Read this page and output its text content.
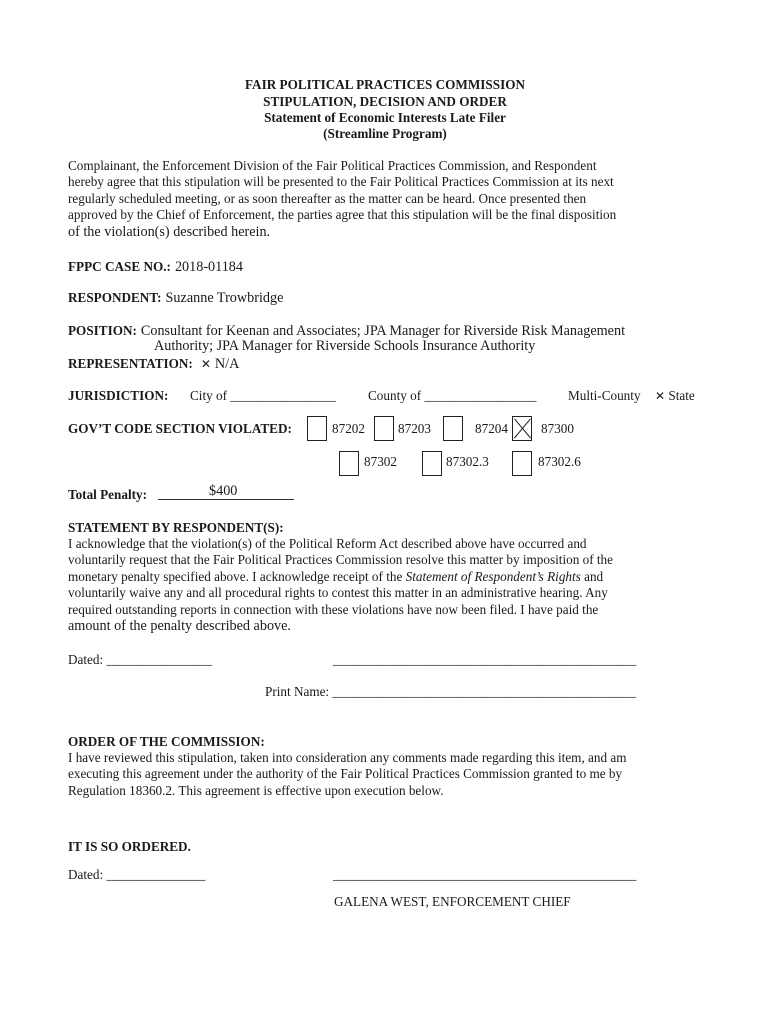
FAIR POLITICAL PRACTICES COMMISSION
STIPULATION, DECISION AND ORDER
Statement of Economic Interests Late Filer
(Streamline Program)
Complainant, the Enforcement Division of the Fair Political Practices Commission, and Respondent
hereby agree that this stipulation will be presented to the Fair Political Practices Commission at its next
regularly scheduled meeting, or as soon thereafter as the matter can be heard. Once presented then
approved by the Chief of Enforcement, the parties agree that this stipulation will be the final disposition
of the violation(s) described herein.
FPPC CASE NO.: 2018-01184
RESPONDENT: Suzanne Trowbridge
POSITION: Consultant for Keenan and Associates; JPA Manager for Riverside Risk Management
Authority; JPA Manager for Riverside Schools Insurance Authority
REPRESENTATION: ✕ N/A
JURISDICTION: City of ________________ County of _________________ Multi-County ✕ State
GOV’T CODE SECTION VIOLATED:	87202	87203	87204	87300
87302	87302.3	87302.6
Total Penalty:	$400
STATEMENT BY RESPONDENT(S):
I acknowledge that the violation(s) of the Political Reform Act described above have occurred and
voluntarily request that the Fair Political Practices Commission resolve this matter by imposition of the
monetary penalty specified above. I acknowledge receipt of the Statement of Respondent’s Rights and
voluntarily waive any and all procedural rights to contest this matter in an administrative hearing. Any
required outstanding reports in connection with these violations have now been filed. I have paid the
amount of the penalty described above.
Dated: ________________	______________________________________________
Print Name: ______________________________________________
ORDER OF THE COMMISSION:
I have reviewed this stipulation, taken into consideration any comments made regarding this item, and am
executing this agreement under the authority of the Fair Political Practices Commission granted to me by
Regulation 18360.2. This agreement is effective upon execution below.
IT IS SO ORDERED.
Dated: _______________	______________________________________________
GALENA WEST, ENFORCEMENT CHIEF
